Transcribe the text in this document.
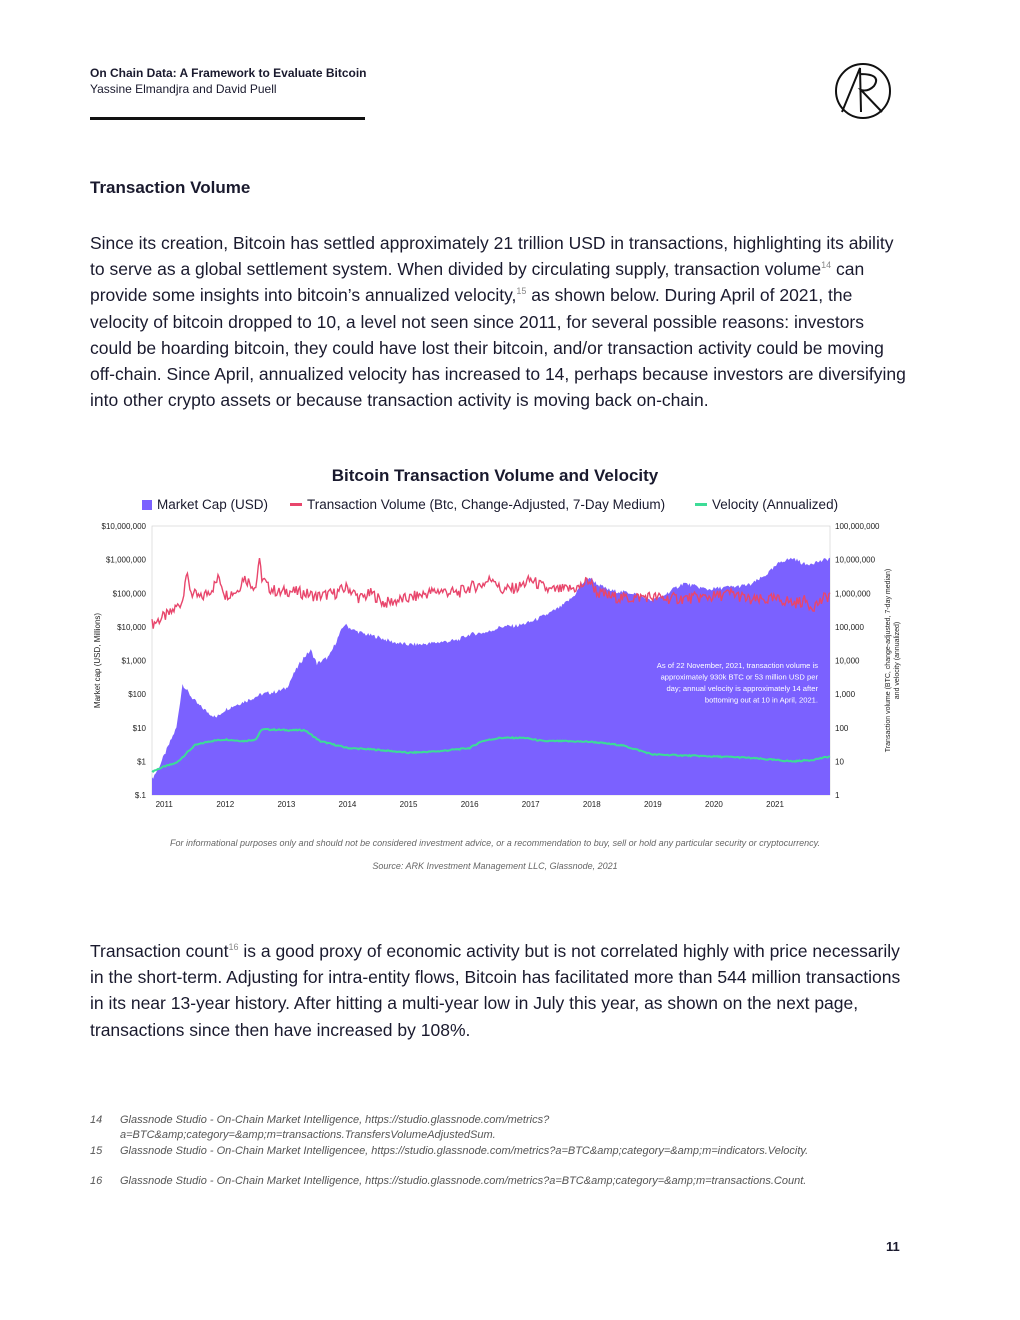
On Chain Data: A Framework to Evaluate Bitcoin
Yassine Elmandjra and David Puell
Transaction Volume

Since its creation, Bitcoin has settled approximately 21 trillion USD in transactions, highlighting its ability to serve as a global settlement system. When divided by circulating supply, transaction volume$^{14}$ can provide some insights into bitcoin’s annualized velocity,$^{15}$ as shown below. During April of 2021, the velocity of bitcoin dropped to 10, a level not seen since 2011, for several possible reasons: investors could be hoarding bitcoin, they could have lost their bitcoin, and/or transaction activity could be moving off-chain. Since April, annualized velocity has increased to 14, perhaps because investors are diversifying into other crypto assets or because transaction activity is moving back on-chain.

Bitcoin Transaction Volume and Velocity
Market Cap (USD)	Transaction Volume (Btc, Change-Adjusted, 7-Day Medium)	Velocity (Annualized)
$10,000,000
$1,000,000
$100,000
$10,000
$1,000
$100
$10
$1
$.1
100,000,000
10,000,000
1,000,000
100,000
10,000
1,000
100
10
1
2011	2012	2013	2014	2015	2016	2017	2018	2019	2020	2021
Market cap (USD, Millions)	Transaction volume (BTC, change-adjusted, 7-day median) and velocity (annualized)
As of 22 November, 2021, transaction volume is approximately 930k BTC or 53 million USD per day; annual velocity is approximately 14 after bottoming out at 10 in April, 2021.
For informational purposes only and should not be considered investment advice, or a recommendation to buy, sell or hold any particular security or cryptocurrency.
Source: ARK Investment Management LLC, Glassnode, 2021

Transaction count$^{16}$ is a good proxy of economic activity but is not correlated highly with price necessarily in the short-term. Adjusting for intra-entity flows, Bitcoin has facilitated more than 544 million transactions in its near 13-year history. After hitting a multi-year low in July this year, as shown on the next page, transactions since then have increased by 108%.

14 Glassnode Studio - On-Chain Market Intelligence, https://studio.glassnode.com/metrics?a=BTC&amp;category=&amp;m=transactions.TransfersVolumeAdjustedSum.
15 Glassnode Studio - On-Chain Market Intelligencee, https://studio.glassnode.com/metrics?a=BTC&amp;category=&amp;m=indicators.Velocity.
16 Glassnode Studio - On-Chain Market Intelligence, https://studio.glassnode.com/metrics?a=BTC&amp;category=&amp;m=transactions.Count.
11
